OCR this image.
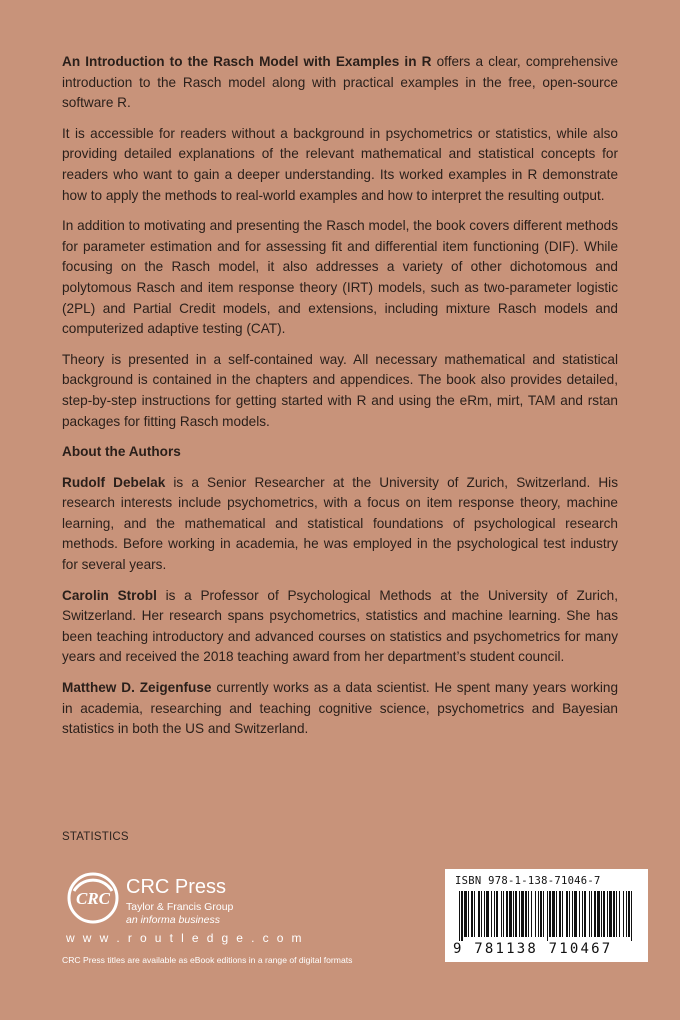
An Introduction to the Rasch Model with Examples in R offers a clear, comprehensive introduction to the Rasch model along with practical examples in the free, open-source software R.

It is accessible for readers without a background in psychometrics or statistics, while also providing detailed explanations of the relevant mathematical and statistical concepts for readers who want to gain a deeper understanding. Its worked examples in R demonstrate how to apply the methods to real-world examples and how to interpret the resulting output.

In addition to motivating and presenting the Rasch model, the book covers different methods for parameter estimation and for assessing fit and differential item functioning (DIF). While focusing on the Rasch model, it also addresses a variety of other dichotomous and polytomous Rasch and item response theory (IRT) models, such as two-parameter logistic (2PL) and Partial Credit models, and extensions, including mixture Rasch models and computerized adaptive testing (CAT).

Theory is presented in a self-contained way. All necessary mathematical and statistical background is contained in the chapters and appendices. The book also provides detailed, step-by-step instructions for getting started with R and using the eRm, mirt, TAM and rstan packages for fitting Rasch models.

About the Authors

Rudolf Debelak is a Senior Researcher at the University of Zurich, Switzerland. His research interests include psychometrics, with a focus on item response theory, machine learning, and the mathematical and statistical foundations of psychological research methods. Before working in academia, he was employed in the psychological test industry for several years.

Carolin Strobl is a Professor of Psychological Methods at the University of Zurich, Switzerland. Her research spans psychometrics, statistics and machine learning. She has been teaching introductory and advanced courses on statistics and psychometrics for many years and received the 2018 teaching award from her department’s student council.

Matthew D. Zeigenfuse currently works as a data scientist. He spent many years working in academia, researching and teaching cognitive science, psychometrics and Bayesian statistics in both the US and Switzerland.

STATISTICS
CRC
CRC Press
Taylor & Francis Group
an informa business
w w w . r o u t l e d g e . c o m
CRC Press titles are available as eBook editions in a range of digital formats
ISBN 978-1-138-71046-7
9 781138 710467
